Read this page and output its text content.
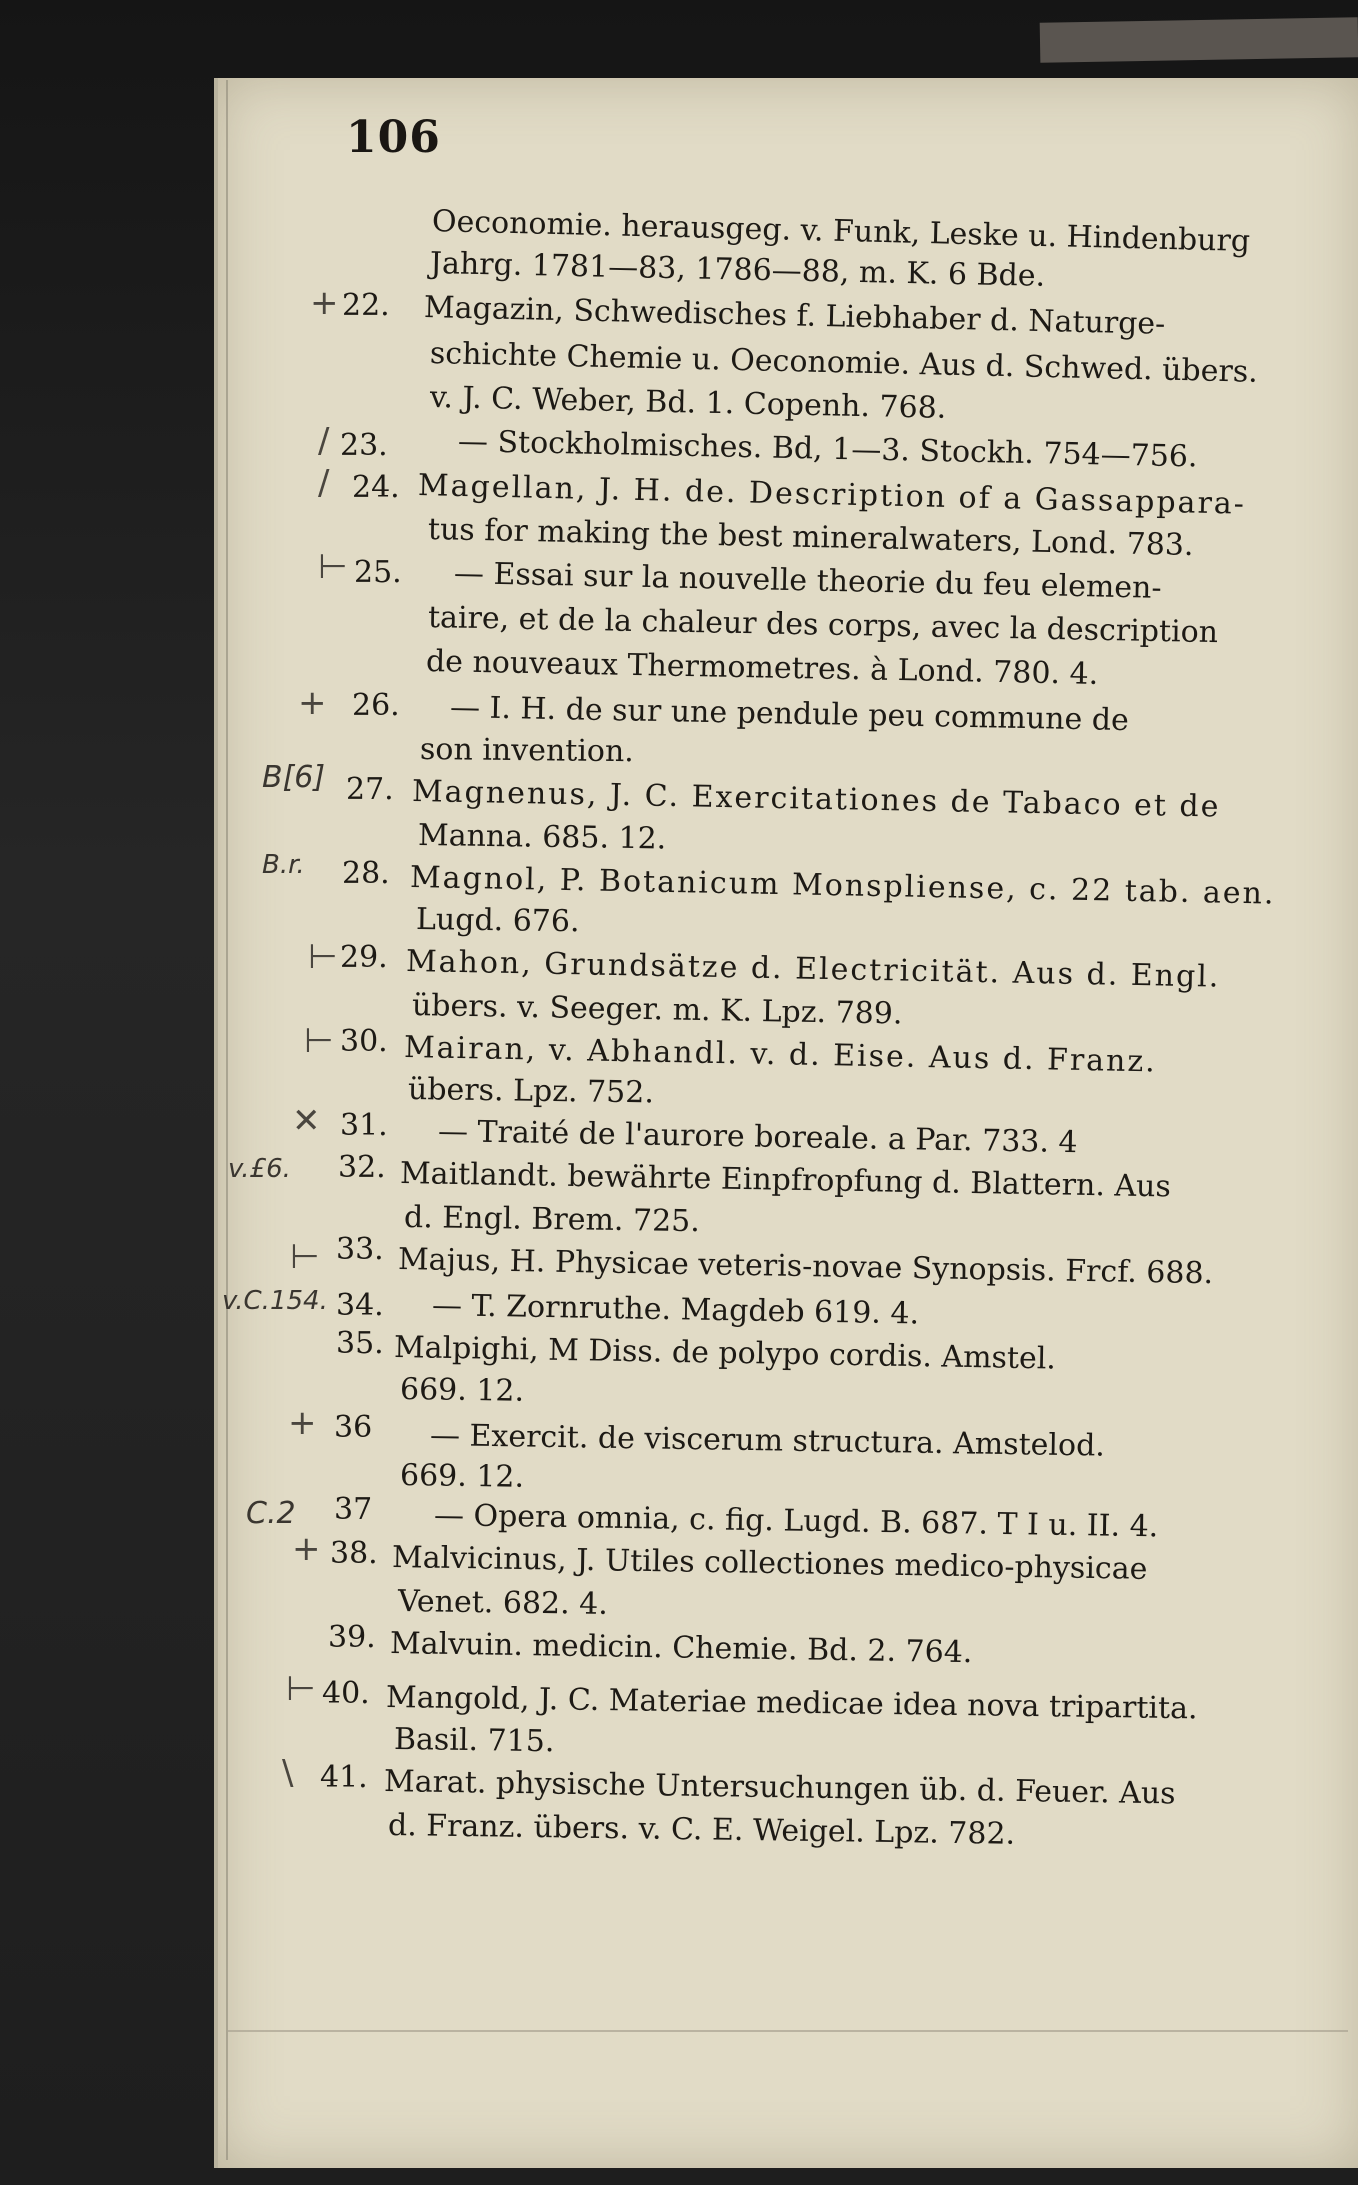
106
22.
23.
24.
25.
26.
27.
28.
29.
30.
31.
32.
33.
34.
35.
36
37
38.
39.
40.
41.
Oeconomie. herausgeg. v. Funk, Leske u. Hindenburg
Jahrg. 1781—83, 1786—88, m. K. 6 Bde.
Magazin, Schwedisches f. Liebhaber d. Naturge-
schichte Chemie u. Oeconomie. Aus d. Schwed. übers.
v. J. C. Weber, Bd. 1. Copenh. 768.
— Stockholmisches. Bd, 1—3. Stockh. 754—756.
Magellan, J. H. de. Description of a Gassappara-
tus for making the best mineralwaters, Lond. 783.
— Essai sur la nouvelle theorie du feu elemen-
taire, et de la chaleur des corps, avec la description
de nouveaux Thermometres. à Lond. 780. 4.
— I. H. de sur une pendule peu commune de
son invention.
Magnenus, J. C. Exercitationes de Tabaco et de
Manna. 685. 12.
Magnol, P. Botanicum Monspliense, c. 22 tab. aen.
Lugd. 676.
Mahon, Grundsätze d. Electricität. Aus d. Engl.
übers. v. Seeger. m. K. Lpz. 789.
Mairan, v. Abhandl. v. d. Eise. Aus d. Franz.
übers. Lpz. 752.
— Traité de l'aurore boreale. a Par. 733. 4
Maitlandt. bewährte Einpfropfung d. Blattern. Aus
d. Engl. Brem. 725.
Majus, H. Physicae veteris-novae Synopsis. Frcf. 688.
— T. Zornruthe. Magdeb 619. 4.
Malpighi, M Diss. de polypo cordis. Amstel.
669. 12.
— Exercit. de viscerum structura. Amstelod.
669. 12.
— Opera omnia, c. fig. Lugd. B. 687. T I u. II. 4.
Malvicinus, J. Utiles collectiones medico-physicae
Venet. 682. 4.
Malvuin. medicin. Chemie. Bd. 2. 764.
Mangold, J. C. Materiae medicae idea nova tripartita.
Basil. 715.
Marat. physische Untersuchungen üb. d. Feuer. Aus
d. Franz. übers. v. C. E. Weigel. Lpz. 782.
B[6]
B.r.
v.£6.
v.C.154.
C.2
+
/
/
⊢
+
⊢
⊢
✕
⊢
+
+
⊢
\
